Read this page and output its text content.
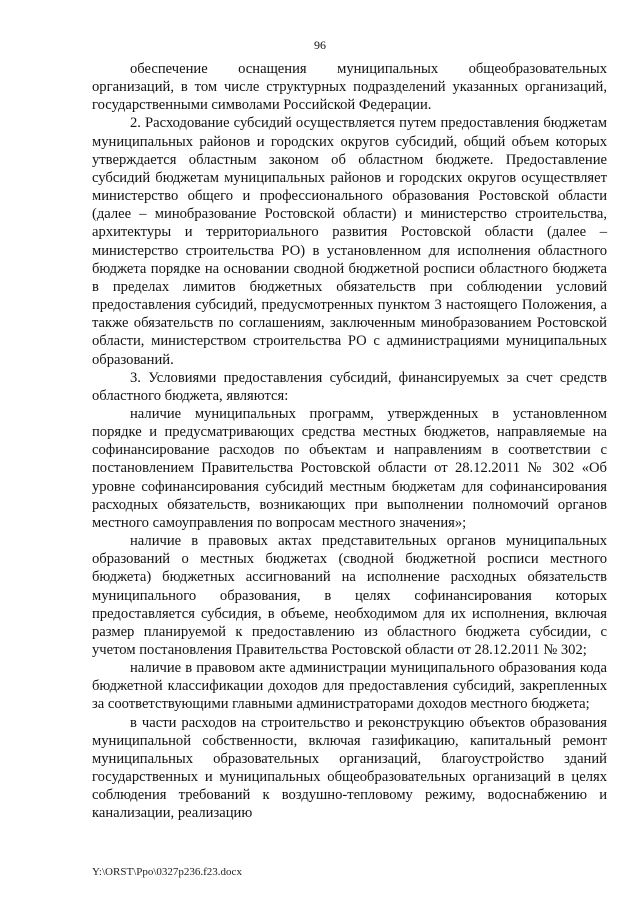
96

обеспечение оснащения муниципальных общеобразовательных организаций, в том числе структурных подразделений указанных организаций, государственными символами Российской Федерации.

2. Расходование субсидий осуществляется путем предоставления бюджетам муниципальных районов и городских округов субсидий, общий объем которых утверждается областным законом об областном бюджете. Предоставление субсидий бюджетам муниципальных районов и городских округов осуществляет министерство общего и профессионального образования Ростовской области (далее – минобразование Ростовской области) и министерство строительства, архитектуры и территориального развития Ростовской области (далее – министерство строительства РО) в установленном для исполнения областного бюджета порядке на основании сводной бюджетной росписи областного бюджета в пределах лимитов бюджетных обязательств при соблюдении условий предоставления субсидий, предусмотренных пунктом 3 настоящего Положения, а также обязательств по соглашениям, заключенным минобразованием Ростовской области, министерством строительства РО с администрациями муниципальных образований.

3. Условиями предоставления субсидий, финансируемых за счет средств областного бюджета, являются:

наличие муниципальных программ, утвержденных в установленном порядке и предусматривающих средства местных бюджетов, направляемые на софинансирование расходов по объектам и направлениям в соответствии с постановлением Правительства Ростовской области от 28.12.2011 № 302 «Об уровне софинансирования субсидий местным бюджетам для софинансирования расходных обязательств, возникающих при выполнении полномочий органов местного самоуправления по вопросам местного значения»;

наличие в правовых актах представительных органов муниципальных образований о местных бюджетах (сводной бюджетной росписи местного бюджета) бюджетных ассигнований на исполнение расходных обязательств муниципального образования, в целях софинансирования которых предоставляется субсидия, в объеме, необходимом для их исполнения, включая размер планируемой к предоставлению из областного бюджета субсидии, с учетом постановления Правительства Ростовской области от 28.12.2011 № 302;

наличие в правовом акте администрации муниципального образования кода бюджетной классификации доходов для предоставления субсидий, закрепленных за соответствующими главными администраторами доходов местного бюджета;

в части расходов на строительство и реконструкцию объектов образования муниципальной собственности, включая газификацию, капитальный ремонт муниципальных образовательных организаций, благоустройство зданий государственных и муниципальных общеобразовательных организаций в целях соблюдения требований к воздушно-тепловому режиму, водоснабжению и канализации, реализацию

Y:\ORST\Ppo\0327p236.f23.docx
